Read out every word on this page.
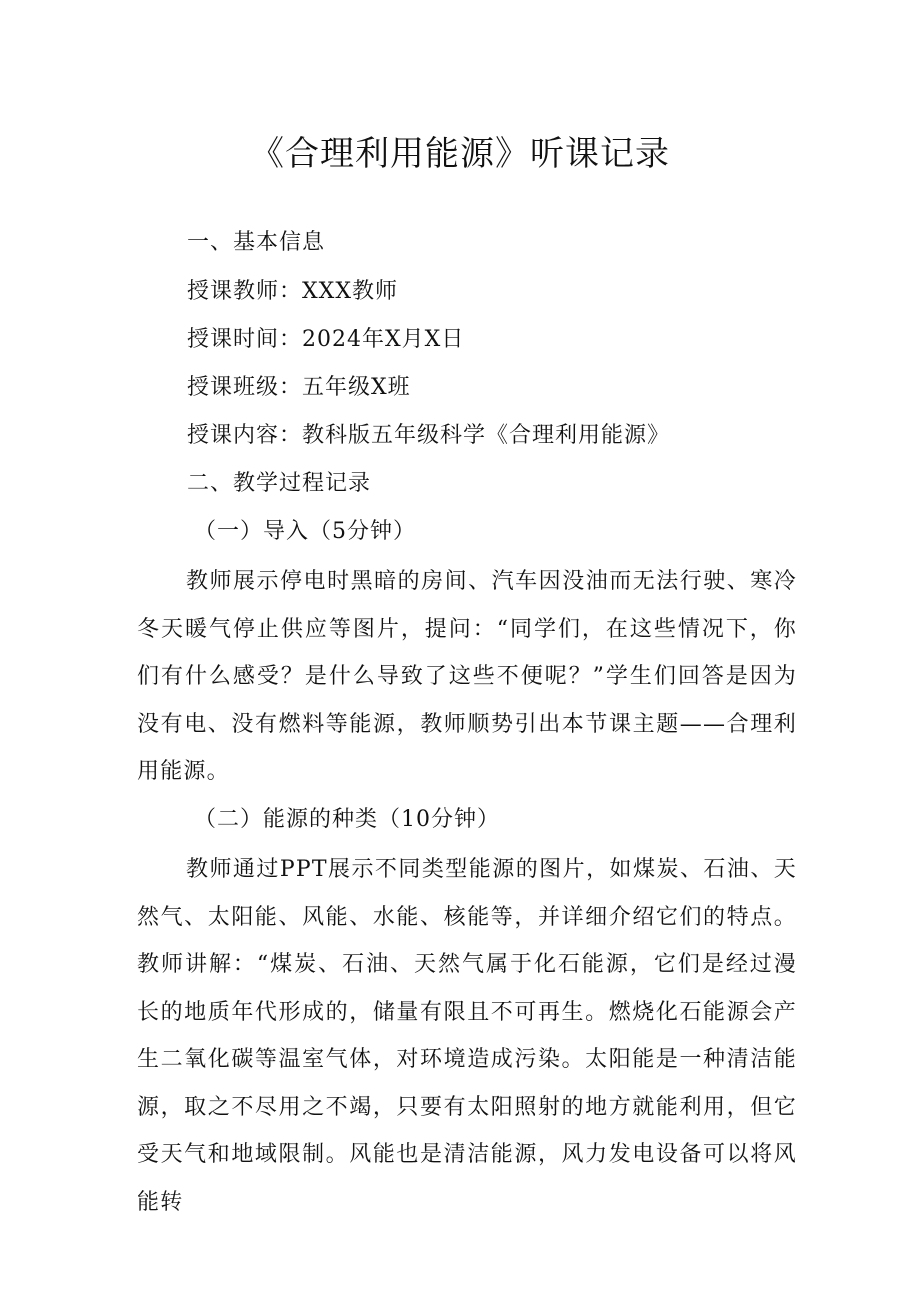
《合理利用能源》听课记录

一、基本信息

授课教师：XXX教师

授课时间：2024年X月X日

授课班级：五年级X班

授课内容：教科版五年级科学《合理利用能源》

二、教学过程记录

（一）导入（5分钟）

教师展示停电时黑暗的房间、汽车因没油而无法行驶、寒冷冬天暖气停止供应等图片，提问：“同学们，在这些情况下，你们有什么感受？是什么导致了这些不便呢？”学生们回答是因为没有电、没有燃料等能源，教师顺势引出本节课主题——合理利用能源。

（二）能源的种类（10分钟）

教师通过PPT展示不同类型能源的图片，如煤炭、石油、天然气、太阳能、风能、水能、核能等，并详细介绍它们的特点。教师讲解：“煤炭、石油、天然气属于化石能源，它们是经过漫长的地质年代形成的，储量有限且不可再生。燃烧化石能源会产生二氧化碳等温室气体，对环境造成污染。太阳能是一种清洁能源，取之不尽用之不竭，只要有太阳照射的地方就能利用，但它受天气和地域限制。风能也是清洁能源，风力发电设备可以将风能转
